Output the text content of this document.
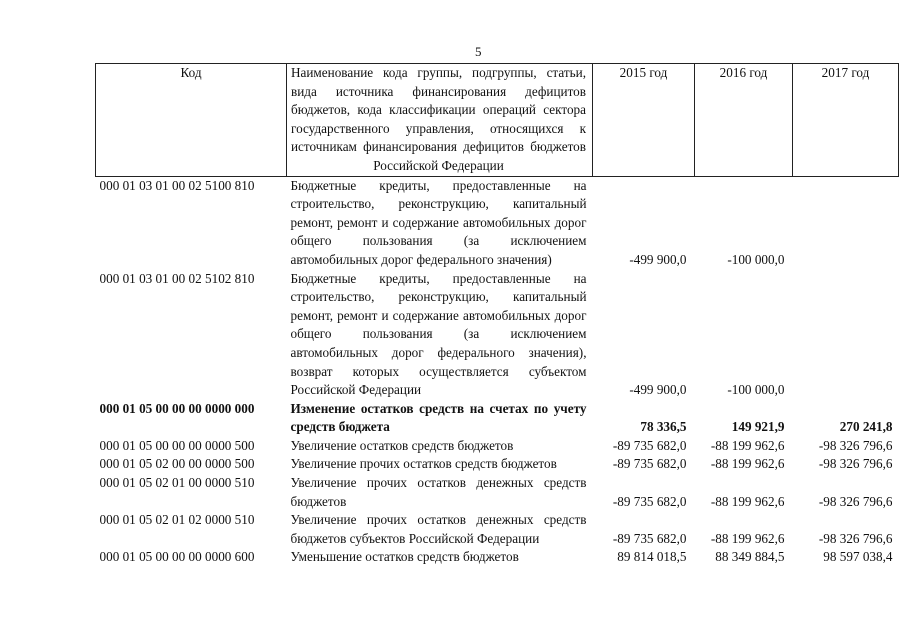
5
Код	Наименование кода группы, подгруппы, статьи, вида источника финансирования дефицитов бюджетов, кода классификации операций сектора государственного управления, относящихся к источникам финансирования дефицитов бюджетов Российской Федерации	2015 год	2016 год	2017 год
000 01 03 01 00 02 5100 810	Бюджетные кредиты, предоставленные на строительство, реконструкцию, капитальный ремонт, ремонт и содержание автомобильных дорог общего пользования (за исключением автомобильных дорог федерального значения)	-499 900,0	-100 000,0	
000 01 03 01 00 02 5102 810	Бюджетные кредиты, предоставленные на строительство, реконструкцию, капитальный ремонт, ремонт и содержание автомобильных дорог общего пользования (за исключением автомобильных дорог федерального значения), возврат которых осуществляется субъектом Российской Федерации	-499 900,0	-100 000,0	
000 01 05 00 00 00 0000 000	Изменение остатков средств на счетах по учету средств бюджета	78 336,5	149 921,9	270 241,8
000 01 05 00 00 00 0000 500	Увеличение остатков средств бюджетов	-89 735 682,0	-88 199 962,6	-98 326 796,6
000 01 05 02 00 00 0000 500	Увеличение прочих остатков средств бюджетов	-89 735 682,0	-88 199 962,6	-98 326 796,6
000 01 05 02 01 00 0000 510	Увеличение прочих остатков денежных средств бюджетов	-89 735 682,0	-88 199 962,6	-98 326 796,6
000 01 05 02 01 02 0000 510	Увеличение прочих остатков денежных средств бюджетов субъектов Российской Федерации	-89 735 682,0	-88 199 962,6	-98 326 796,6
000 01 05 00 00 00 0000 600	Уменьшение остатков средств бюджетов	89 814 018,5	88 349 884,5	98 597 038,4
